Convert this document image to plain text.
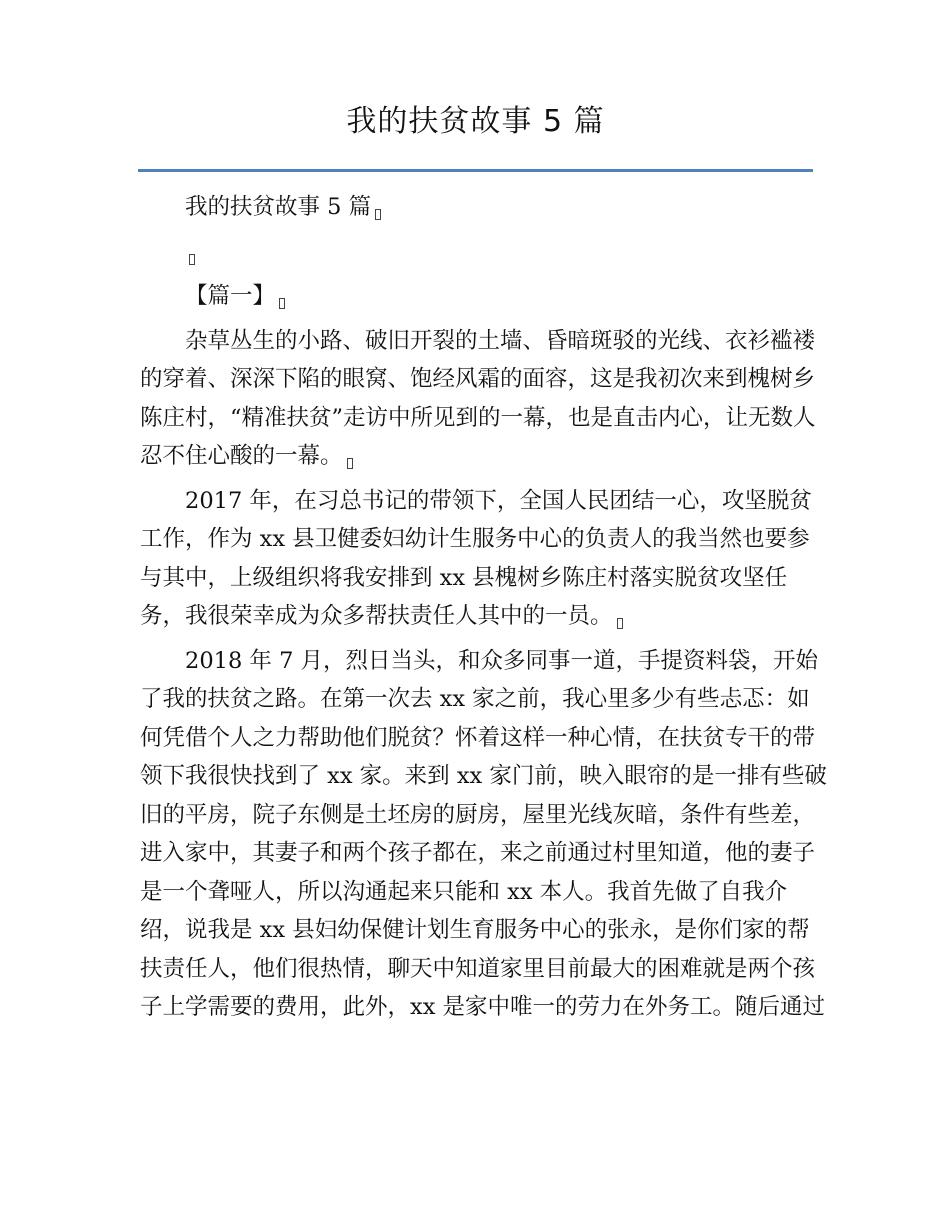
我的扶贫故事 5 篇

我的扶贫故事 5 篇

【篇一】

杂草丛生的小路、破旧开裂的土墙、昏暗斑驳的光线、衣衫褴褛的穿着、深深下陷的眼窝、饱经风霜的面容，这是我初次来到槐树乡陈庄村，“精准扶贫”走访中所见到的一幕，也是直击内心，让无数人忍不住心酸的一幕。

2017 年，在习总书记的带领下，全国人民团结一心，攻坚脱贫工作，作为 xx 县卫健委妇幼计生服务中心的负责人的我当然也要参与其中，上级组织将我安排到 xx 县槐树乡陈庄村落实脱贫攻坚任务，我很荣幸成为众多帮扶责任人其中的一员。

2018 年 7 月，烈日当头，和众多同事一道，手提资料袋，开始了我的扶贫之路。在第一次去 xx 家之前，我心里多少有些忐忑：如何凭借个人之力帮助他们脱贫？怀着这样一种心情，在扶贫专干的带领下我很快找到了 xx 家。来到 xx 家门前，映入眼帘的是一排有些破旧的平房，院子东侧是土坯房的厨房，屋里光线灰暗，条件有些差，进入家中，其妻子和两个孩子都在，来之前通过村里知道，他的妻子是一个聋哑人，所以沟通起来只能和 xx 本人。我首先做了自我介绍，说我是 xx 县妇幼保健计划生育服务中心的张永，是你们家的帮扶责任人，他们很热情，聊天中知道家里目前最大的困难就是两个孩子上学需要的费用，此外，xx 是家中唯一的劳力在外务工。随后通过
